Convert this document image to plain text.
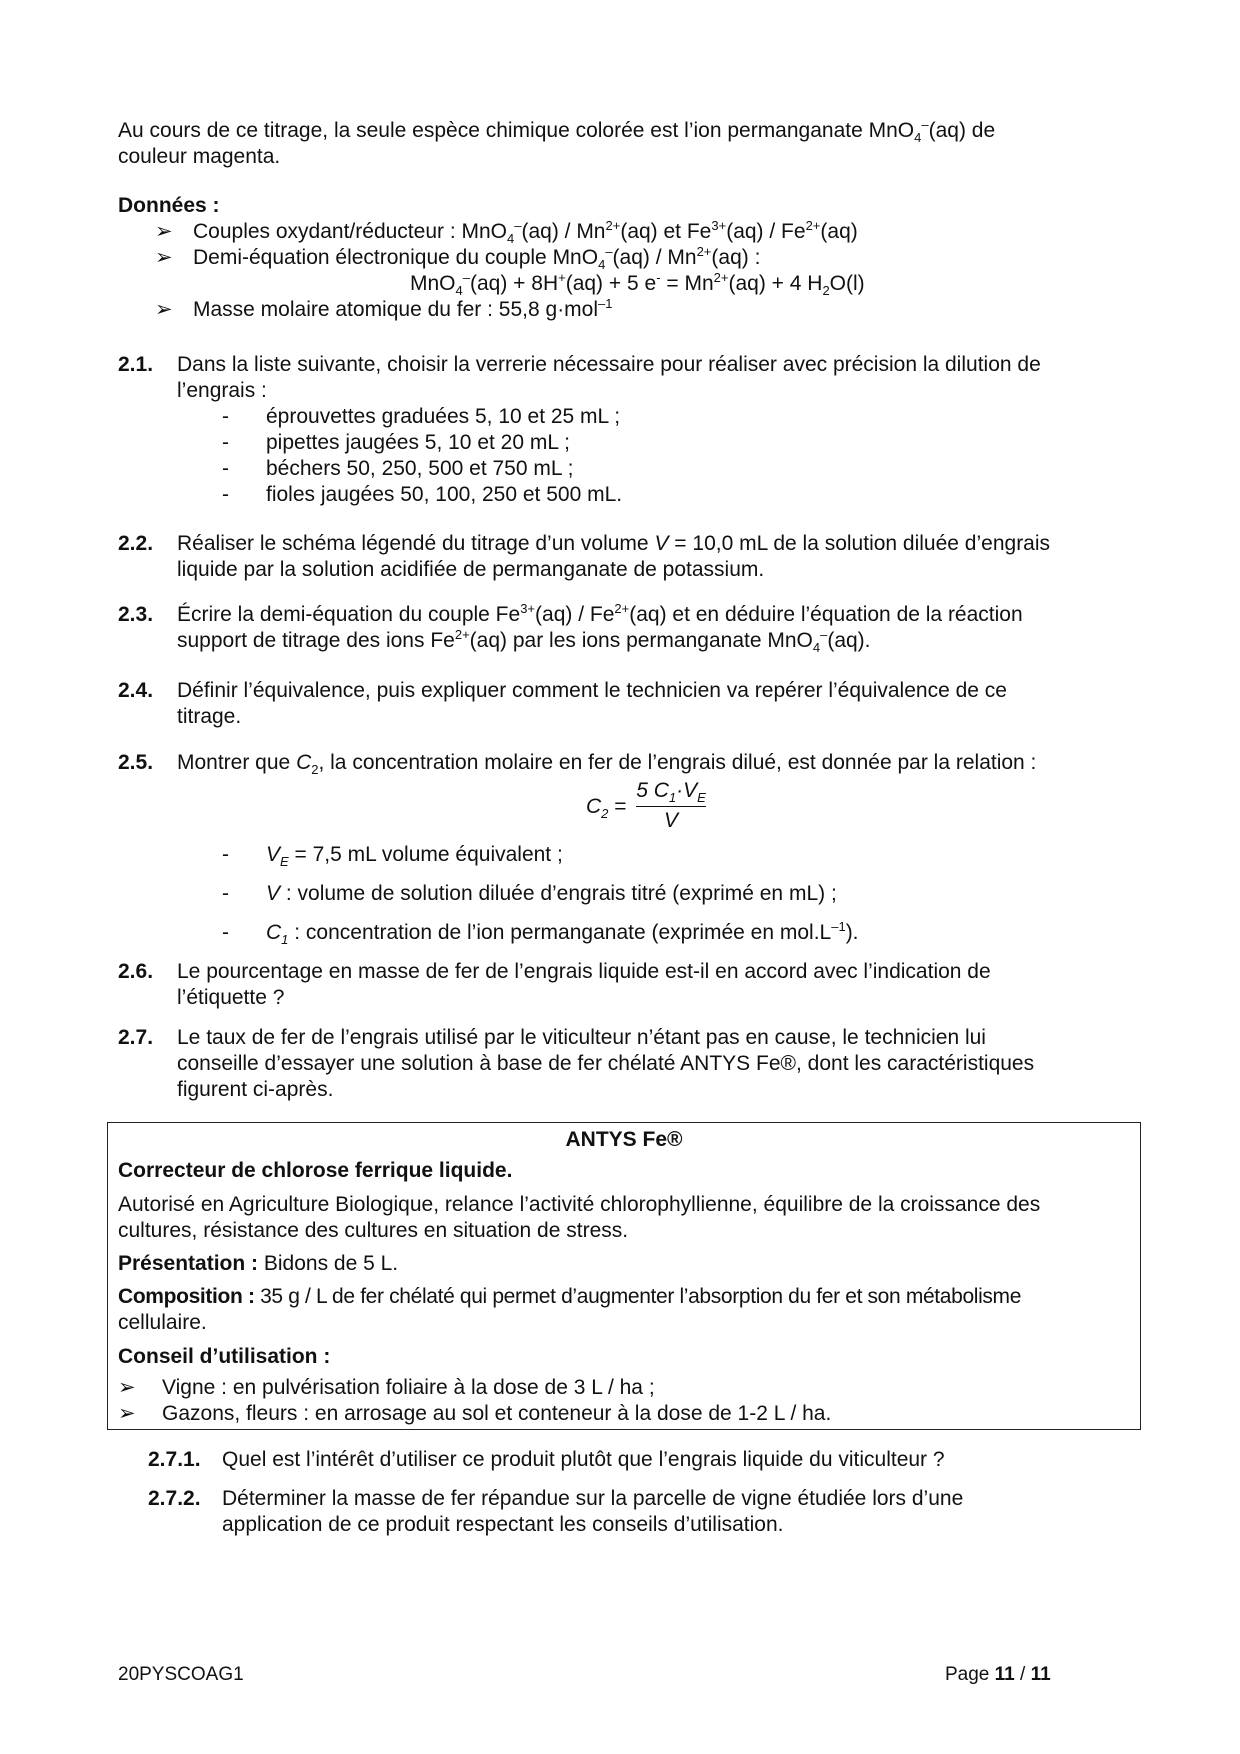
Au cours de ce titrage, la seule espèce chimique colorée est l’ion permanganate MnO$_4$–(aq) de
couleur magenta.
Données :
➢ Couples oxydant/réducteur : $MnO_4^-(aq) / Mn^{2+}(aq)$ et $Fe^{3+}(aq) / Fe^{2+}(aq)$
➢ Demi-équation électronique du couple $MnO_4^-(aq) / Mn^{2+}(aq)$ :
MnO$_4$–(aq) + 8H+(aq) + 5 $e^- = Mn^{2+}(aq) + 4$ $H_2O(l)$
➢ Masse molaire atomique du fer : 55,8 g·mol$^{-1}$
2.1. Dans la liste suivante, choisir la verrerie nécessaire pour réaliser avec précision la dilution de
l’engrais :
- éprouvettes graduées 5, 10 et 25 mL ;
- pipettes jaugées 5, 10 et 20 mL ;
- béchers 50, 250, 500 et 750 mL ;
- fioles jaugées 50, 100, 250 et 500 mL.
2.2. Réaliser le schéma légendé du titrage d’un volume V = 10,0 mL de la solution diluée d’engrais
liquide par la solution acidifiée de permanganate de potassium.
2.3. Écrire la demi-équation du couple $Fe^{3+}(aq) / Fe^{2+}(aq)$ et en déduire l’équation de la réaction
support de titrage des ions $Fe^{2+}(aq)$ par les ions permanganate MnO$_4$–(aq).
2.4. Définir l’équivalence, puis expliquer comment le technicien va repérer l’équivalence de ce
titrage.
2.5. Montrer que $C_2$, la concentration molaire en fer de l’engrais dilué, est donnée par la relation :
$C_2$ =
5 $C_1\cdot V_E$
V
- $V_E = 7,5$ mL volume équivalent ;
- V : volume de solution diluée d’engrais titré (exprimé en mL) ;
- $C_1$ : concentration de l’ion permanganate (exprimée en $mol.L^{-1}$).
2.6. Le pourcentage en masse de fer de l’engrais liquide est-il en accord avec l’indication de
l’étiquette ?
2.7. Le taux de fer de l’engrais utilisé par le viticulteur n’étant pas en cause, le technicien lui
conseille d’essayer une solution à base de fer chélaté ANTYS Fe®, dont les caractéristiques
figurent ci-après.
ANTYS Fe®
Correcteur de chlorose ferrique liquide.
Autorisé en Agriculture Biologique, relance l’activité chlorophyllienne, équilibre de la croissance des
cultures, résistance des cultures en situation de stress.
Présentation : Bidons de 5 L.
Composition : 35 g / L de fer chélaté qui permet d’augmenter l’absorption du fer et son métabolisme
cellulaire.
Conseil d’utilisation :
➢ Vigne : en pulvérisation foliaire à la dose de 3 L / ha ;
➢ Gazons, fleurs : en arrosage au sol et conteneur à la dose de 1-2 L / ha.
2.7.1. Quel est l’intérêt d’utiliser ce produit plutôt que l’engrais liquide du viticulteur ?
2.7.2. Déterminer la masse de fer répandue sur la parcelle de vigne étudiée lors d’une
application de ce produit respectant les conseils d’utilisation.
20PYSCOAG1	Page 11 / 11
